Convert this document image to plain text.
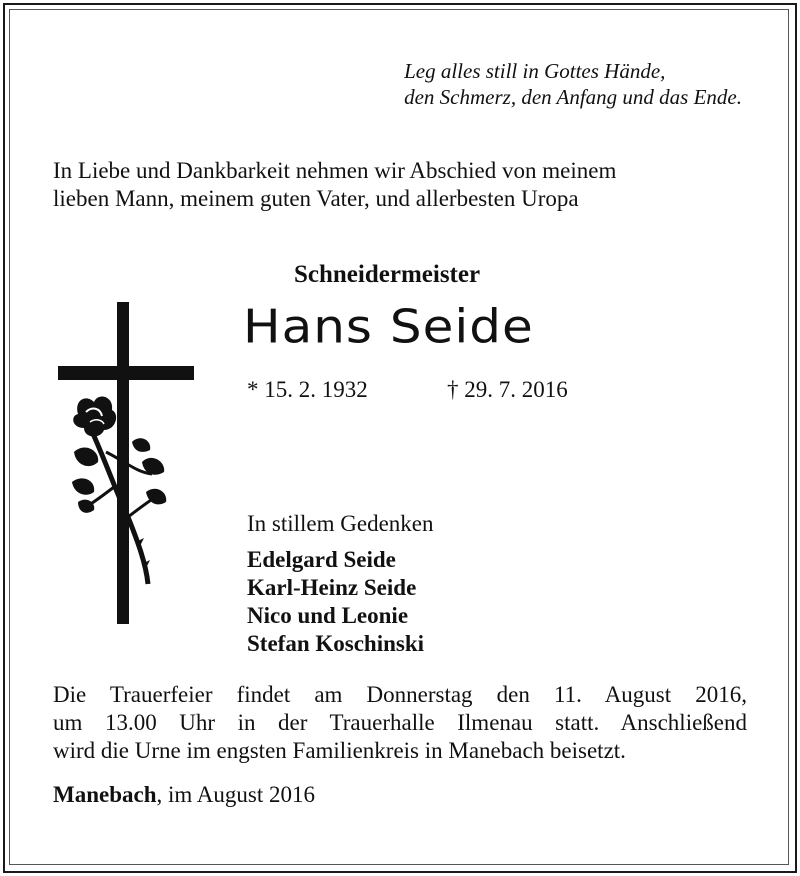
Leg alles still in Gottes Hände,
den Schmerz, den Anfang und das Ende.
In Liebe und Dankbarkeit nehmen wir Abschied von meinem
lieben Mann, meinem guten Vater, und allerbesten Uropa
Schneidermeister
Hans Seide
* 15. 2. 1932	† 29. 7. 2016
In stillem Gedenken
Edelgard Seide
Karl-Heinz Seide
Nico und Leonie
Stefan Koschinski
Die Trauerfeier findet am Donnerstag den 11. August 2016,
um 13.00 Uhr in der Trauerhalle Ilmenau statt. Anschließend
wird die Urne im engsten Familienkreis in Manebach beisetzt.
Manebach, im August 2016
